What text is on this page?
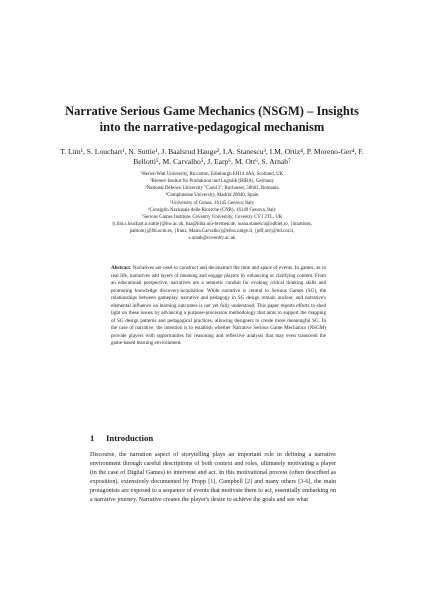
Narrative Serious Game Mechanics (NSGM) – Insights into the narrative-pedagogical mechanism
T. Lim¹, S. Louchart¹, N. Suttie¹, J. Baalsrud Hauge², I.A. Stanescu³, I.M. Ortiz⁴, P. Moreno-Ger⁴, F. Bellotti⁵, M. Carvalho⁵, J. Earp⁶, M. Ott⁶, S. Arnab⁷
¹Heriot-Watt University, Riccarton, Edinburgh EH14 4AS, Scotland, UK
²Bremer Institut für Produktion und Logistik (BIBA), Germany
³National Defence University "Carol I", Bucharest, 50662, Romania
⁴Complutense University, Madrid 28040, Spain
⁵University of Genoa, 16145 Genova, Italy
⁶Consiglio Nazionale delle Ricerche (CNR), 16149 Genova, Italy
⁷Serious Games Institute, Coventry University, Coventry CV1 2TL, UK
{t.lim,s.louchart,n.suttie}@hw.ac.uk, baa@biba.uni-bremen.de, ioana.stanescu@adlnet.ro, {imartinez,
pablom}@fdi.ucm.es, {franz, Maira.Carvalho}@elios.unige.it, {jeff,ott}@itd.cnr.it,
s.arnab@coventry.ac.uk
Abstract. Narratives are used to construct and deconstruct the time and space of events. In games, as in real life, narratives add layers of meaning and engage players by enhancing or clarifying content. From an educational perspective, narratives are a semiotic conduit for evoking critical thinking skills and promoting knowledge discovery/acquisition. While narrative is central to Serious Games (SG), the relationships between gameplay, narrative and pedagogy in SG design remain unclear, and narrative's elemental influence on learning outcomes is not yet fully understood. This paper reports efforts to shed light on these issues by advancing a purpose-procession methodology that aims to support the mapping of SG design patterns and pedagogical practices, allowing designers to create more meaningful SG. In the case of narrative, the intention is to establish whether Narrative Serious Game Mechanics (NSGM) provide players with opportunities for reasoning and reflective analysis that may even transcend the game-based learning environment.
1 Introduction

Discourse, the narration aspect of storytelling plays an important role in defining a narrative environment through careful descriptions of both context and roles, ultimately motivating a player (in the case of Digital Games) to intervene and act. In this motivational process (often described as exposition), extensively documented by Propp [1], Campbell [2] and many others [3-6], the main protagonists are exposed to a sequence of events that motivate them to act, essentially embarking on a narrative journey. Narrative creates the player's desire to achieve the goals and see what
